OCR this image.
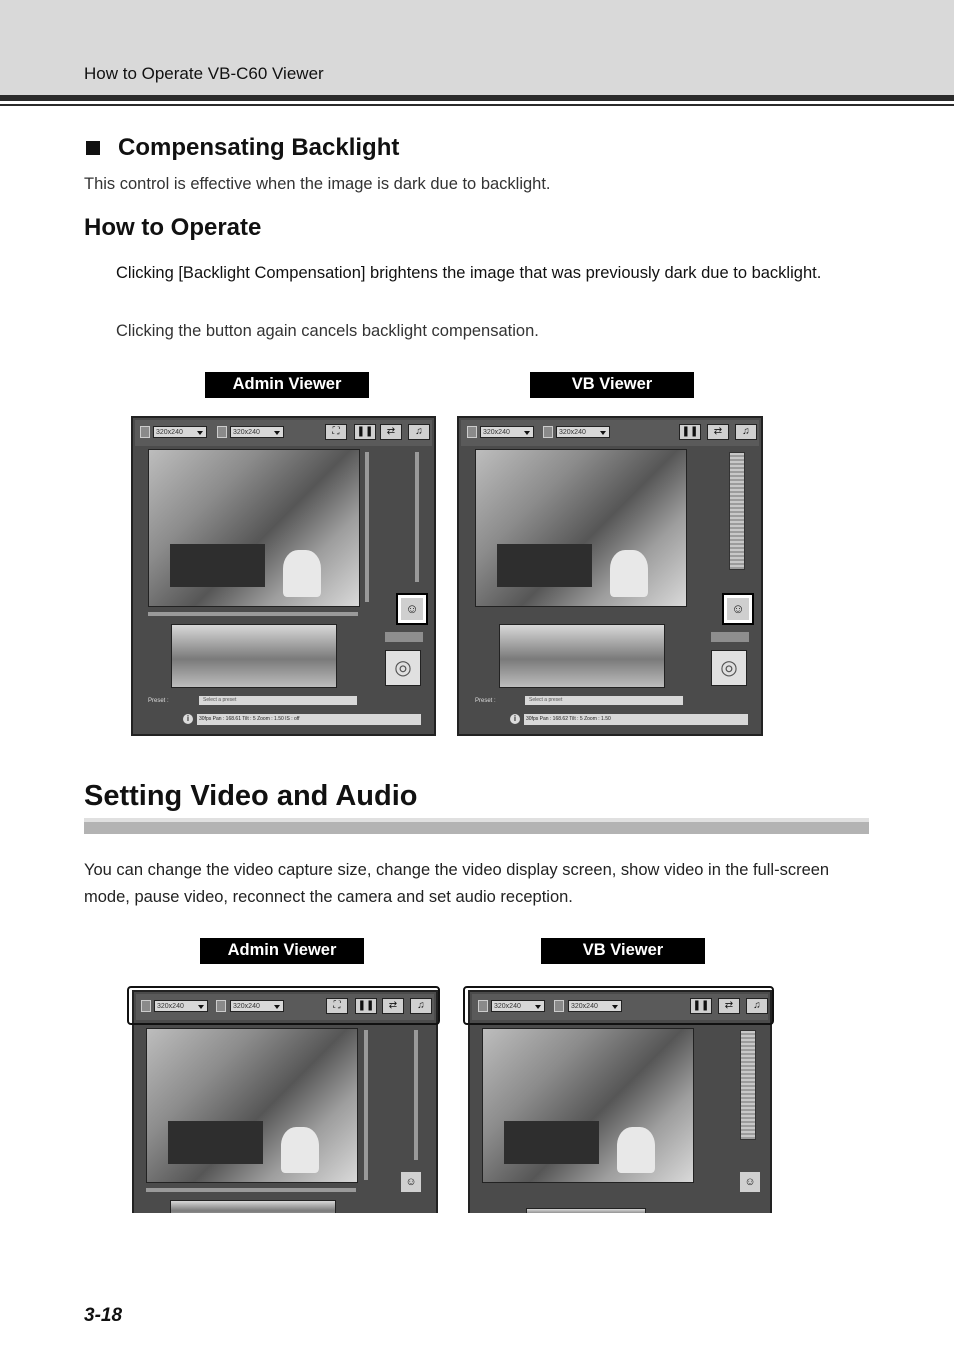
How to Operate VB-C60 Viewer
Compensating Backlight
This control is effective when the image is dark due to backlight.
How to Operate
Clicking [Backlight Compensation] brightens the image that was previously dark due to backlight.
Clicking the button again cancels backlight compensation.
Admin Viewer	VB Viewer
320x240	320x240	⛶	❚❚	⇄	♫
☺
◎
Preset :	Select a preset
i	30fps Pan : 168.61 Tilt : 5 Zoom : 1.50 IS : off
320x240	320x240	❚❚	⇄	♫
☺
◎
Preset :	Select a preset
i	30fps Pan : 168.62 Tilt : 5 Zoom : 1.50
Setting Video and Audio
You can change the video capture size, change the video display screen, show video in the full-screen mode, pause video, reconnect the camera and set audio reception.
Admin Viewer	VB Viewer
320x240	320x240	⛶	❚❚	⇄	♫
☺
320x240	320x240	❚❚	⇄	♫
☺
3-18
